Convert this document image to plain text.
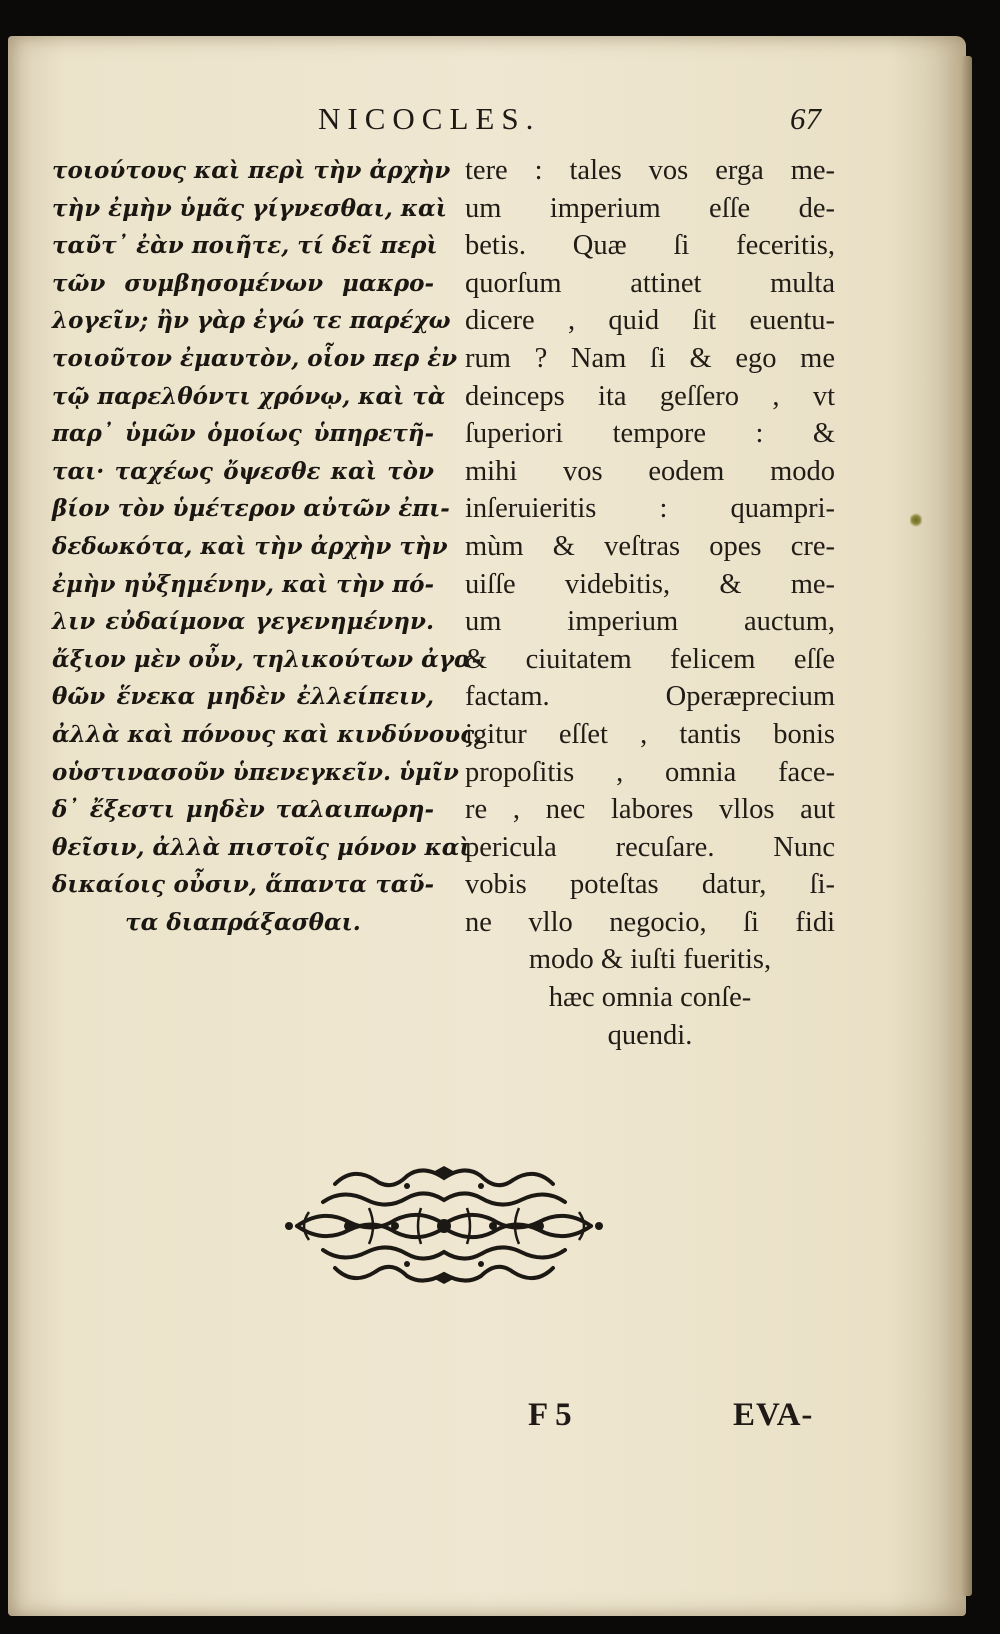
NICOCLES.	67
τοιούτους καὶ περὶ τὴν ἀρχὴν
τὴν ἐμὴν ὑμᾶς γίγνεσθαι, καὶ
ταῦτ᾽ ἐὰν ποιῆτε, τί δεῖ περὶ
τῶν συμβησομένων μακρο-
λογεῖν; ἢν γὰρ ἐγώ τε παρέχω
τοιοῦτον ἐμαυτὸν, οἷον περ ἐν
τῷ παρελθόντι χρόνῳ, καὶ τὰ
παρ᾽ ὑμῶν ὁμοίως ὑπηρετῆ-
ται· ταχέως ὄψεσθε καὶ τὸν
βίον τὸν ὑμέτερον αὐτῶν ἐπι-
δεδωκότα, καὶ τὴν ἀρχὴν τὴν
ἐμὴν ηὐξημένην, καὶ τὴν πό-
λιν εὐδαίμονα γεγενημένην.
ἄξιον μὲν οὖν, τηλικούτων ἀγα-
θῶν ἕνεκα μηδὲν ἐλλείπειν,
ἀλλὰ καὶ πόνους καὶ κινδύνους,
οὑστινασοῦν ὑπενεγκεῖν. ὑμῖν
δ᾽ ἔξεστι μηδὲν ταλαιπωρη-
θεῖσιν, ἀλλὰ πιστοῖς μόνον καὶ
δικαίοις οὖσιν, ἅπαντα ταῦ-
τα διαπράξασθαι.
tere : tales vos erga me-
um imperium eſſe de-
betis. Quæ ſi feceritis,
quorſum attinet multa
dicere , quid ſit euentu-
rum ? Nam ſi & ego me
deinceps ita geſſero , vt
ſuperiori tempore : &
mihi vos eodem modo
inſeruieritis : quampri-
mùm & veſtras opes cre-
uiſſe videbitis, & me-
um imperium auctum,
& ciuitatem felicem eſſe
factam. Operæprecium
igitur eſſet , tantis bonis
propoſitis , omnia face-
re , nec labores vllos aut
pericula recuſare. Nunc
vobis poteſtas datur, ſi-
ne vllo negocio, ſi fidi
modo & iuſti fueritis,
hæc omnia conſe-
quendi.
F 5	EVA-
